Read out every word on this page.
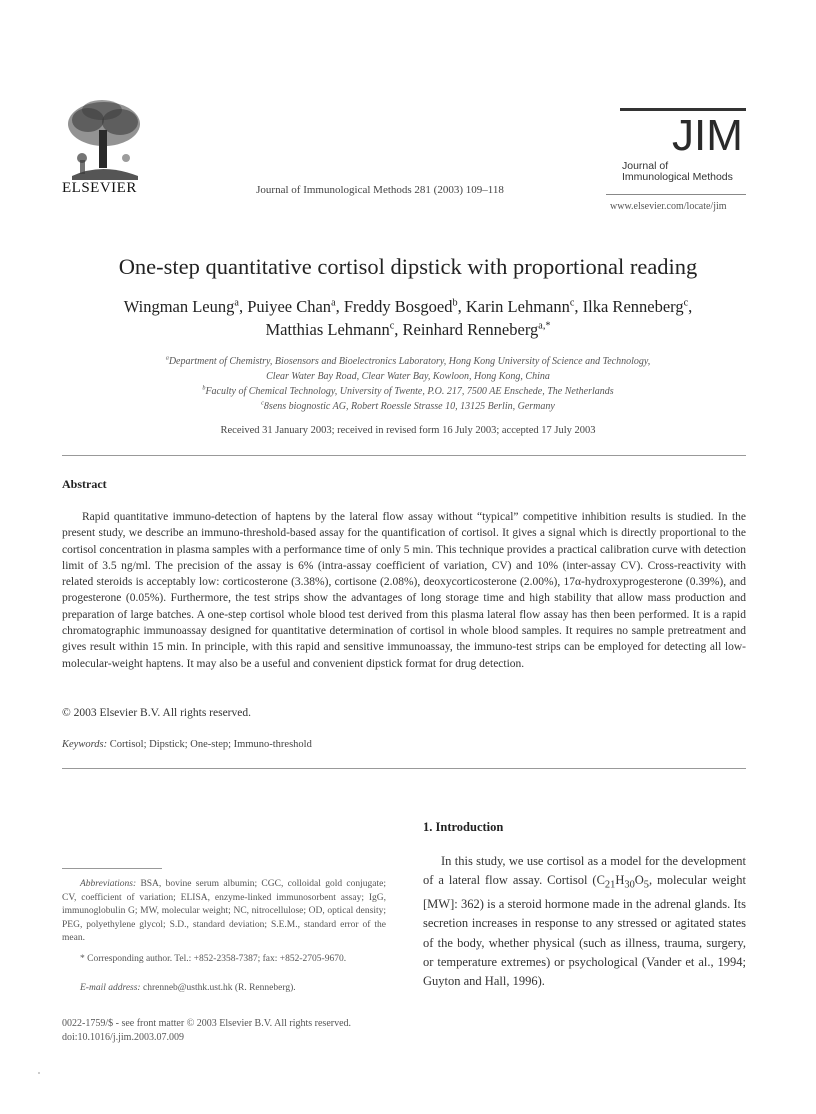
ELSEVIER	Journal of Immunological Methods 281 (2003) 109–118
JIM
Journal of
Immunological Methods
www.elsevier.com/locate/jim
One-step quantitative cortisol dipstick with proportional reading
Wingman Leung$^a$, Puiyee Chan$^a$, Freddy Bosgoed$^b$, Karin Lehmann$^c$, Ilka Renneberg$^c$,
Matthias Lehmann$^c$, Reinhard Renneberg$^{a,*}$
$^a$Department of Chemistry, Biosensors and Bioelectronics Laboratory, Hong Kong University of Science and Technology,
Clear Water Bay Road, Clear Water Bay, Kowloon, Hong Kong, China
$^b$Faculty of Chemical Technology, University of Twente, P.O. 217, 7500 AE Enschede, The Netherlands
$^c$8sens biognostic AG, Robert Roessle Strasse 10, 13125 Berlin, Germany
Received 31 January 2003; received in revised form 16 July 2003; accepted 17 July 2003
Abstract
Rapid quantitative immuno-detection of haptens by the lateral flow assay without “typical” competitive inhibition results is studied. In the present study, we describe an immuno-threshold-based assay for the quantification of cortisol. It gives a signal which is directly proportional to the cortisol concentration in plasma samples with a performance time of only 5 min. This technique provides a practical calibration curve with detection limit of 3.5 ng/ml. The precision of the assay is 6% (intra-assay coefficient of variation, CV) and 10% (inter-assay CV). Cross-reactivity with related steroids is acceptably low: corticosterone (3.38%), cortisone (2.08%), deoxycorticosterone (2.00%), 17α-hydroxyprogesterone (0.39%), and progesterone (0.05%). Furthermore, the test strips show the advantages of long storage time and high stability that allow mass production and preparation of large batches. A one-step cortisol whole blood test derived from this plasma lateral flow assay has then been performed. It is a rapid chromatographic immunoassay designed for quantitative determination of cortisol in whole blood samples. It requires no sample pretreatment and gives result within 15 min. In principle, with this rapid and sensitive immunoassay, the immuno-test strips can be employed for detecting all low-molecular-weight haptens. It may also be a useful and convenient dipstick format for drug detection.
© 2003 Elsevier B.V. All rights reserved.
Keywords: Cortisol; Dipstick; One-step; Immuno-threshold
1. Introduction
In this study, we use cortisol as a model for the development of a lateral flow assay. Cortisol ($C_{21}H_{30}O_5$, molecular weight [MW]: 362) is a steroid hormone made in the adrenal glands. Its secretion increases in response to any stressed or agitated states of the body, whether physical (such as illness, trauma, surgery, or temperature extremes) or psychological (Vander et al., 1994; Guyton and Hall, 1996).
Abbreviations: BSA, bovine serum albumin; CGC, colloidal gold conjugate; CV, coefficient of variation; ELISA, enzyme-linked immunosorbent assay; IgG, immunoglobulin G; MW, molecular weight; NC, nitrocellulose; OD, optical density; PEG, polyethylene glycol; S.D., standard deviation; S.E.M., standard error of the mean.
* Corresponding author. Tel.: +852-2358-7387; fax: +852-2705-9670.
E-mail address: chrenneb@usthk.ust.hk (R. Renneberg).
0022-1759/$ - see front matter © 2003 Elsevier B.V. All rights reserved.
doi:10.1016/j.jim.2003.07.009
